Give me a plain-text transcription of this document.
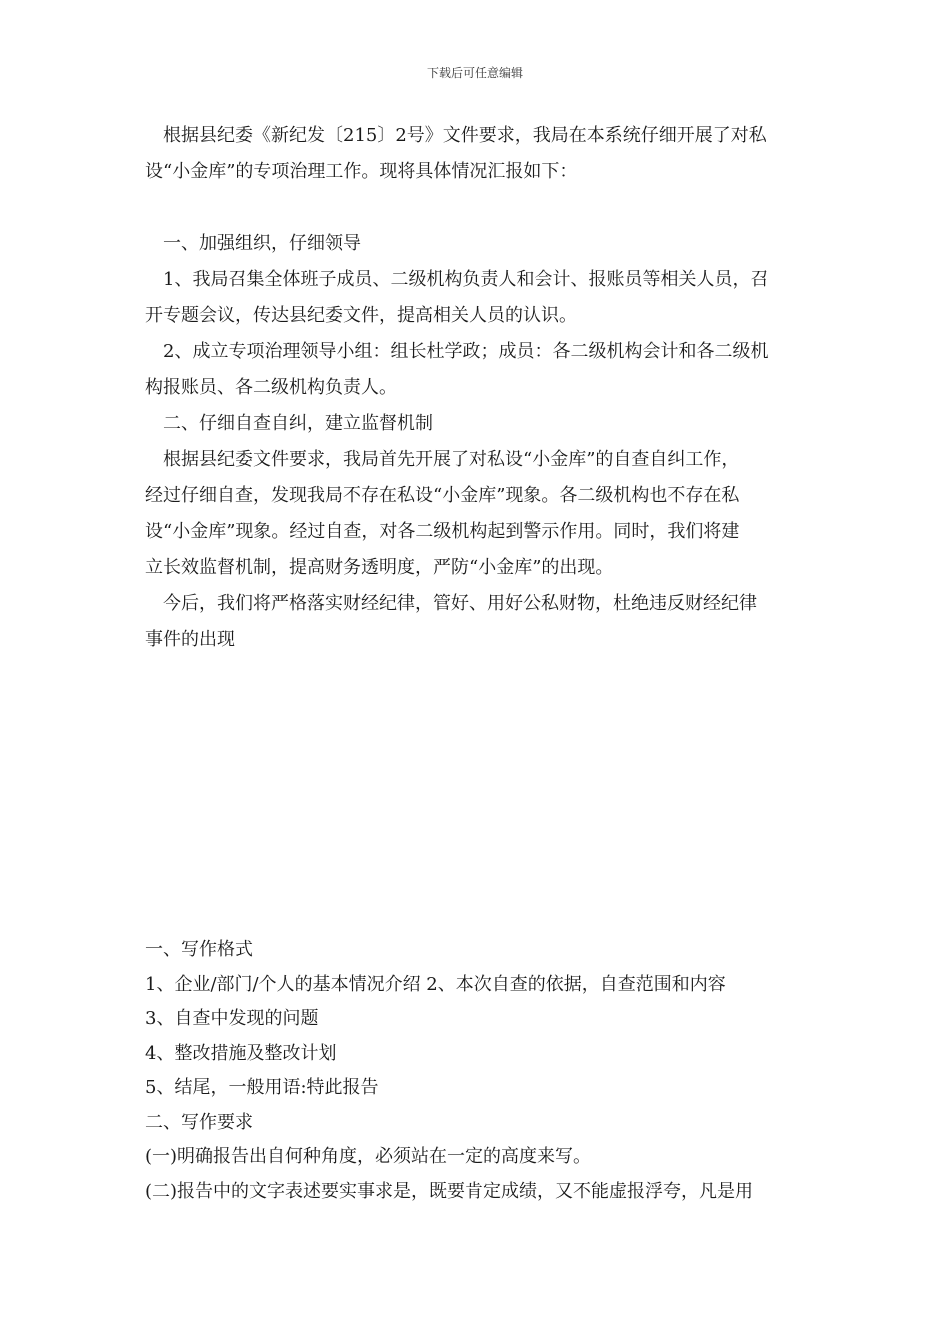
下载后可任意编辑
根据县纪委《新纪发〔215〕2号》文件要求，我局在本系统仔细开展了对私
设“小金库”的专项治理工作。现将具体情况汇报如下：
一、加强组织，仔细领导
1、我局召集全体班子成员、二级机构负责人和会计、报账员等相关人员，召
开专题会议，传达县纪委文件，提高相关人员的认识。
2、成立专项治理领导小组：组长杜学政；成员：各二级机构会计和各二级机
构报账员、各二级机构负责人。
二、仔细自查自纠，建立监督机制
根据县纪委文件要求，我局首先开展了对私设“小金库”的自查自纠工作，
经过仔细自查，发现我局不存在私设“小金库”现象。各二级机构也不存在私
设“小金库”现象。经过自查，对各二级机构起到警示作用。同时，我们将建
立长效监督机制，提高财务透明度，严防“小金库”的出现。
今后，我们将严格落实财经纪律，管好、用好公私财物，杜绝违反财经纪律
事件的出现
一、写作格式
1、企业/部门/个人的基本情况介绍 2、本次自查的依据，自查范围和内容
3、自查中发现的问题
4、整改措施及整改计划
5、结尾，一般用语:特此报告
二、写作要求
(一)明确报告出自何种角度，必须站在一定的高度来写。
(二)报告中的文字表述要实事求是，既要肯定成绩，又不能虚报浮夸，凡是用
